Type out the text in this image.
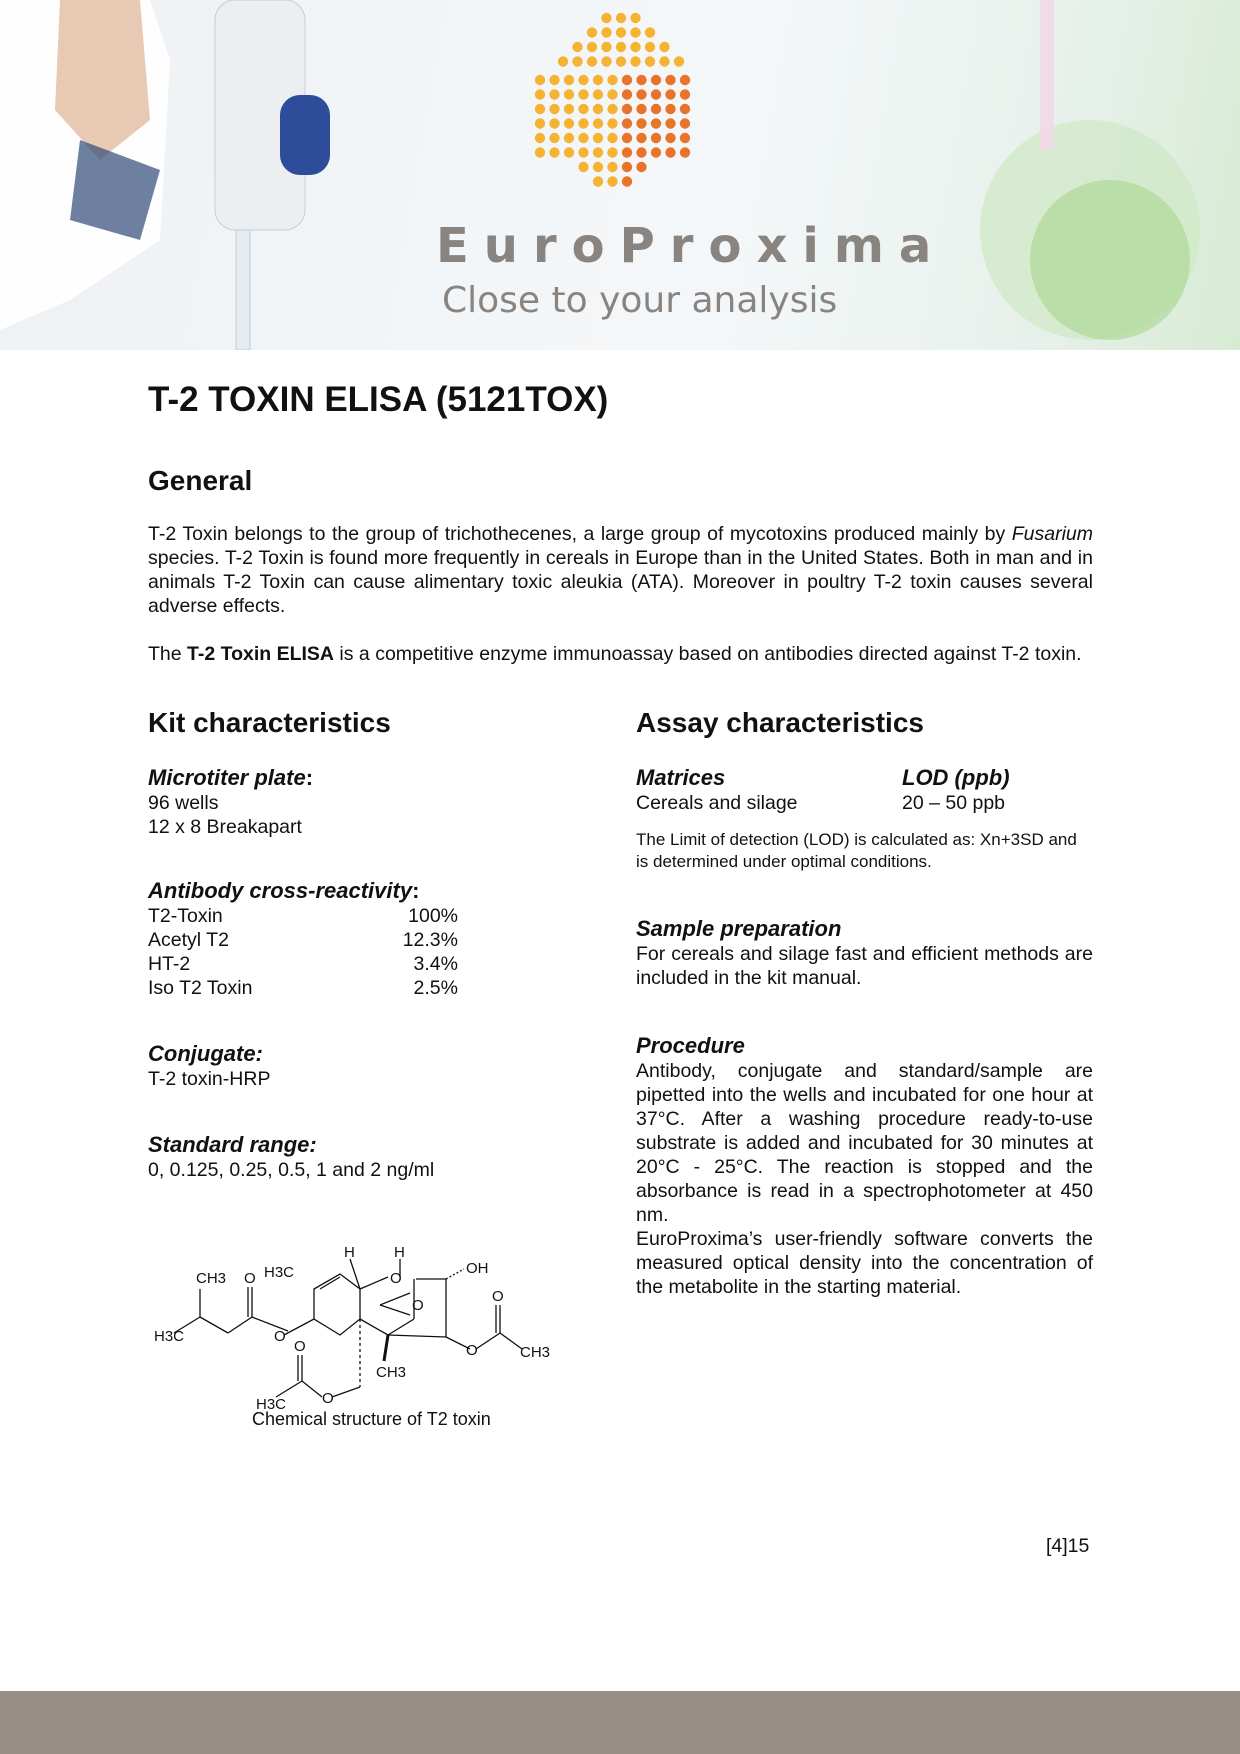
EuroProxima
Close to your analysis
T-2 TOXIN ELISA (5121TOX)
General

T-2 Toxin belongs to the group of trichothecenes, a large group of mycotoxins produced mainly by Fusarium species. T-2 Toxin is found more frequently in cereals in Europe than in the United States. Both in man and in animals T-2 Toxin can cause alimentary toxic aleukia (ATA). Moreover in poultry T-2 toxin causes several adverse effects.

The T-2 Toxin ELISA is a competitive enzyme immunoassay based on antibodies directed against T-2 toxin.

Kit characteristics
Microtiter plate:
96 wells
12 x 8 Breakapart
Antibody cross-reactivity:
T2-Toxin	100%
Acetyl T2	12.3%
HT-2	3.4%
Iso T2 Toxin	2.5%
Conjugate:
T-2 toxin-HRP
Standard range:
0, 0.125, 0.25, 0.5, 1 and 2 ng/ml
Assay characteristics
Matrices	LOD (ppb)
Cereals and silage	20 – 50 ppb
The Limit of detection (LOD) is calculated as: Xn+3SD and is determined under optimal conditions.
Sample preparation
For cereals and silage fast and efficient methods are included in the kit manual.
Procedure
Antibody, conjugate and standard/sample are pipetted into the wells and incubated for one hour at 37°C. After a washing procedure ready-to-use substrate is added and incubated for 30 minutes at 20°C - 25°C. The reaction is stopped and the absorbance is read in a spectrophotometer at 450 nm.
EuroProxima’s user-friendly software converts the measured optical density into the concentration of the metabolite in the starting material.
H	H
O
OH
H3C
CH3 O
O
O
H3C	O
O	O	CH3
CH3
H3C O
Chemical structure of T2 toxin
[4]15
